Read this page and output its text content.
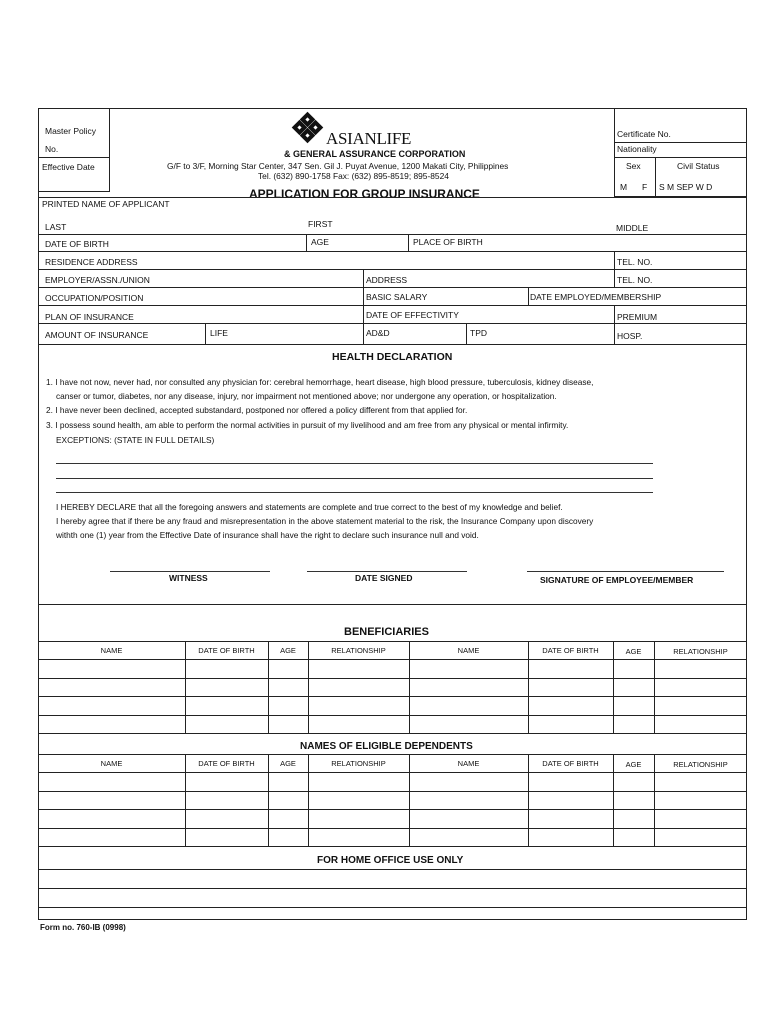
Master Policy
No.
Effective Date
ASIANLIFE
& GENERAL ASSURANCE CORPORATION
G/F to 3/F, Morning Star Center, 347 Sen. Gil J. Puyat Avenue, 1200 Makati City, Philippines
Tel. (632) 890-1758 Fax: (632) 895-8519; 895-8524
APPLICATION FOR GROUP INSURANCE
Certificate No.
Nationality
Sex	Civil Status
M F S M SEP W D
PRINTED NAME OF APPLICANT
LAST	FIRST	MIDDLE
DATE OF BIRTH	AGE	PLACE OF BIRTH
RESIDENCE ADDRESS	TEL. NO.
EMPLOYER/ASSN./UNION	ADDRESS	TEL. NO.
OCCUPATION/POSITION	BASIC SALARY	DATE EMPLOYED/MEMBERSHIP
PLAN OF INSURANCE	DATE OF EFFECTIVITY	PREMIUM
AMOUNT OF INSURANCE	LIFE	AD&D	TPD	HOSP.
HEALTH DECLARATION
1. I have not now, never had, nor consulted any physician for: cerebral hemorrhage, heart disease, high blood pressure, tuberculosis, kidney disease,
canser or tumor, diabetes, nor any disease, injury, nor impairment not mentioned above; nor undergone any operation, or hospitalization.
2. I have never been declined, accepted substandard, postponed nor offered a policy different from that applied for.
3. I possess sound health, am able to perform the normal activities in pursuit of my livelihood and am free from any physical or mental infirmity.
EXCEPTIONS: (STATE IN FULL DETAILS)
I HEREBY DECLARE that all the foregoing answers and statements are complete and true correct to the best of my knowledge and belief.
I hereby agree that if there be any fraud and misrepresentation in the above statement material to the risk, the Insurance Company upon discovery
withth one (1) year from the Effective Date of insurance shall have the right to declare such insurance null and void.
WITNESS	DATE SIGNED	SIGNATURE OF EMPLOYEE/MEMBER
BENEFICIARIES
NAME	DATE OF BIRTH	AGE	RELATIONSHIP	NAME	DATE OF BIRTH	AGE	RELATIONSHIP
NAMES OF ELIGIBLE DEPENDENTS
NAME	DATE OF BIRTH	AGE	RELATIONSHIP	NAME	DATE OF BIRTH	AGE	RELATIONSHIP
FOR HOME OFFICE USE ONLY
Form no. 760-IB (0998)
